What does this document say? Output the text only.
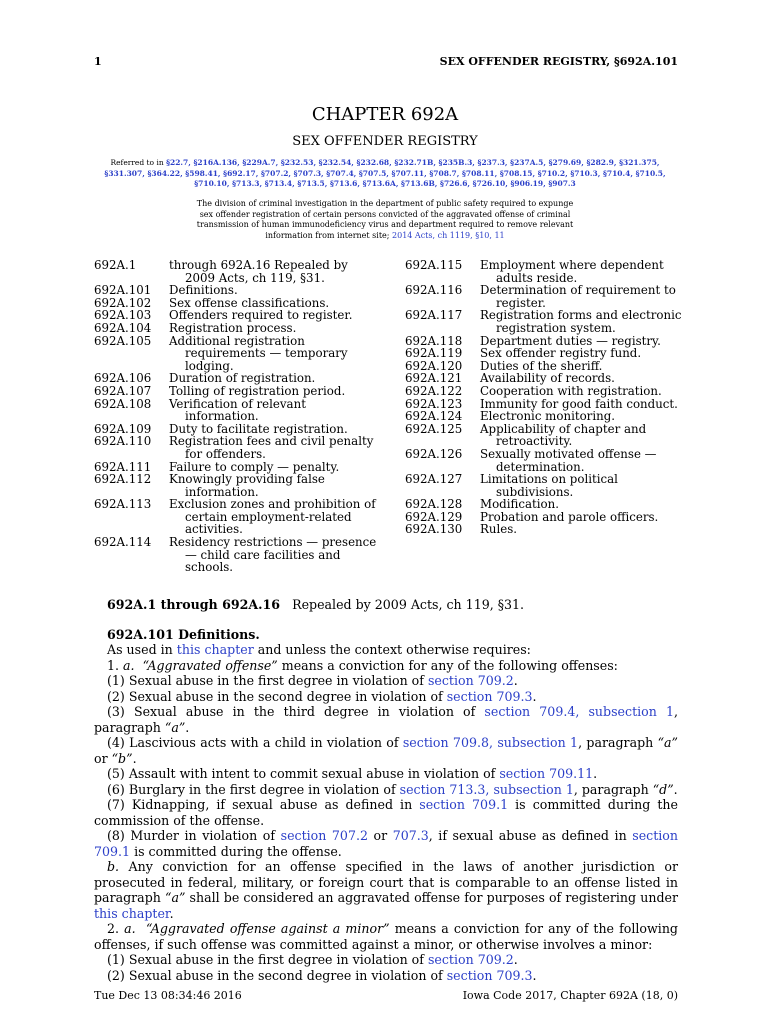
1	SEX OFFENDER REGISTRY, §692A.101
CHAPTER 692A
SEX OFFENDER REGISTRY
Referred to in §22.7, §216A.136, §229A.7, §232.53, §232.54, §232.68, §232.71B, §235B.3, §237.3, §237A.5, §279.69, §282.9, §321.375, §331.307, §364.22, §598.41, §692.17, §707.2, §707.3, §707.4, §707.5, §707.11, §708.7, §708.11, §708.15, §710.2, §710.3, §710.4, §710.5, §710.10, §713.3, §713.4, §713.5, §713.6, §713.6A, §713.6B, §726.6, §726.10, §906.19, §907.3
The division of criminal investigation in the department of public safety required to expunge sex offender registration of certain persons convicted of the aggravated offense of criminal transmission of human immunodeficiency virus and department required to remove relevant information from internet site; 2014 Acts, ch 1119, §10, 11
692A.1	through 692A.16 Repealed by 2009 Acts, ch 119, §31.
692A.101	Definitions.
692A.102	Sex offense classifications.
692A.103	Offenders required to register.
692A.104	Registration process.
692A.105	Additional registration requirements — temporary lodging.
692A.106	Duration of registration.
692A.107	Tolling of registration period.
692A.108	Verification of relevant information.
692A.109	Duty to facilitate registration.
692A.110	Registration fees and civil penalty for offenders.
692A.111	Failure to comply — penalty.
692A.112	Knowingly providing false information.
692A.113	Exclusion zones and prohibition of certain employment-related activities.
692A.114	Residency restrictions — presence — child care facilities and schools.
692A.115	Employment where dependent adults reside.
692A.116	Determination of requirement to register.
692A.117	Registration forms and electronic registration system.
692A.118	Department duties — registry.
692A.119	Sex offender registry fund.
692A.120	Duties of the sheriff.
692A.121	Availability of records.
692A.122	Cooperation with registration.
692A.123	Immunity for good faith conduct.
692A.124	Electronic monitoring.
692A.125	Applicability of chapter and retroactivity.
692A.126	Sexually motivated offense — determination.
692A.127	Limitations on political subdivisions.
692A.128	Modification.
692A.129	Probation and parole officers.
692A.130	Rules.

692A.1 through 692A.16 Repealed by 2009 Acts, ch 119, §31.

692A.101 Definitions.

As used in this chapter and unless the context otherwise requires:

1. a. “Aggravated offense” means a conviction for any of the following offenses:

(1) Sexual abuse in the first degree in violation of section 709.2.

(2) Sexual abuse in the second degree in violation of section 709.3.

(3) Sexual abuse in the third degree in violation of section 709.4, subsection 1, paragraph “a”.

(4) Lascivious acts with a child in violation of section 709.8, subsection 1, paragraph “a” or “b”.

(5) Assault with intent to commit sexual abuse in violation of section 709.11.

(6) Burglary in the first degree in violation of section 713.3, subsection 1, paragraph “d”.

(7) Kidnapping, if sexual abuse as defined in section 709.1 is committed during the commission of the offense.

(8) Murder in violation of section 707.2 or 707.3, if sexual abuse as defined in section 709.1 is committed during the offense.

b. Any conviction for an offense specified in the laws of another jurisdiction or prosecuted in federal, military, or foreign court that is comparable to an offense listed in paragraph “a” shall be considered an aggravated offense for purposes of registering under this chapter.

2. a. “Aggravated offense against a minor” means a conviction for any of the following offenses, if such offense was committed against a minor, or otherwise involves a minor:

(1) Sexual abuse in the first degree in violation of section 709.2.

(2) Sexual abuse in the second degree in violation of section 709.3.

Tue Dec 13 08:34:46 2016	Iowa Code 2017, Chapter 692A (18, 0)
